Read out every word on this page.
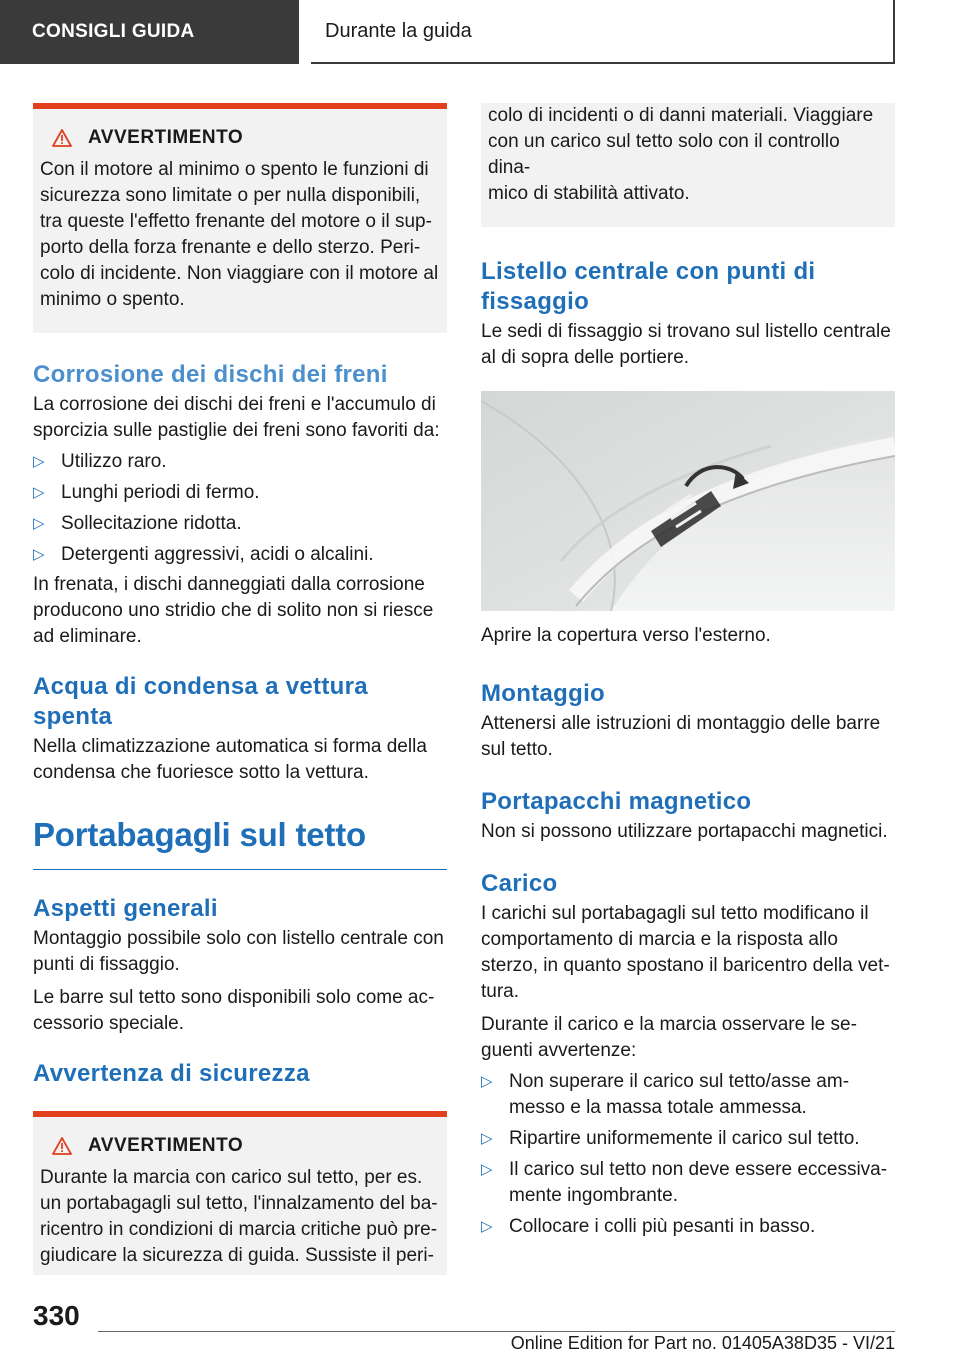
CONSIGLI GUIDA	Durante la guida
AVVERTIMENTO

Con il motore al minimo o spento le funzioni di
sicurezza sono limitate o per nulla disponibili,
tra queste l'effetto frenante del motore o il sup‐
porto della forza frenante e dello sterzo. Peri‐
colo di incidente. Non viaggiare con il motore al
minimo o spento.

Corrosione dei dischi dei freni

La corrosione dei dischi dei freni e l'accumulo di
sporcizia sulle pastiglie dei freni sono favoriti da:

▷ Utilizzo raro.
▷ Lunghi periodi di fermo.
▷ Sollecitazione ridotta.
▷ Detergenti aggressivi, acidi o alcalini.

In frenata, i dischi danneggiati dalla corrosione
producono uno stridio che di solito non si riesce
ad eliminare.

Acqua di condensa a vettura
spenta

Nella climatizzazione automatica si forma della
condensa che fuoriesce sotto la vettura.

Portabagagli sul tetto
Aspetti generali

Montaggio possibile solo con listello centrale con
punti di fissaggio.

Le barre sul tetto sono disponibili solo come ac‐
cessorio speciale.

Avvertenza di sicurezza
AVVERTIMENTO

Durante la marcia con carico sul tetto, per es.
un portabagagli sul tetto, l'innalzamento del ba‐
ricentro in condizioni di marcia critiche può pre‐
giudicare la sicurezza di guida. Sussiste il peri‐

colo di incidenti o di danni materiali. Viaggiare
con un carico sul tetto solo con il controllo dina‐
mico di stabilità attivato.

Listello centrale con punti di
fissaggio

Le sedi di fissaggio si trovano sul listello centrale
al di sopra delle portiere.

Aprire la copertura verso l'esterno.

Montaggio

Attenersi alle istruzioni di montaggio delle barre
sul tetto.

Portapacchi magnetico

Non si possono utilizzare portapacchi magnetici.

Carico

I carichi sul portabagagli sul tetto modificano il
comportamento di marcia e la risposta allo
sterzo, in quanto spostano il baricentro della vet‐
tura.

Durante il carico e la marcia osservare le se‐
guenti avvertenze:

▷ Non superare il carico sul tetto/asse am‐
messo e la massa totale ammessa.
▷ Ripartire uniformemente il carico sul tetto.
▷ Il carico sul tetto non deve essere eccessiva‐
mente ingombrante.
▷ Collocare i colli più pesanti in basso.
330
Online Edition for Part no. 01405A38D35 - VI/21
